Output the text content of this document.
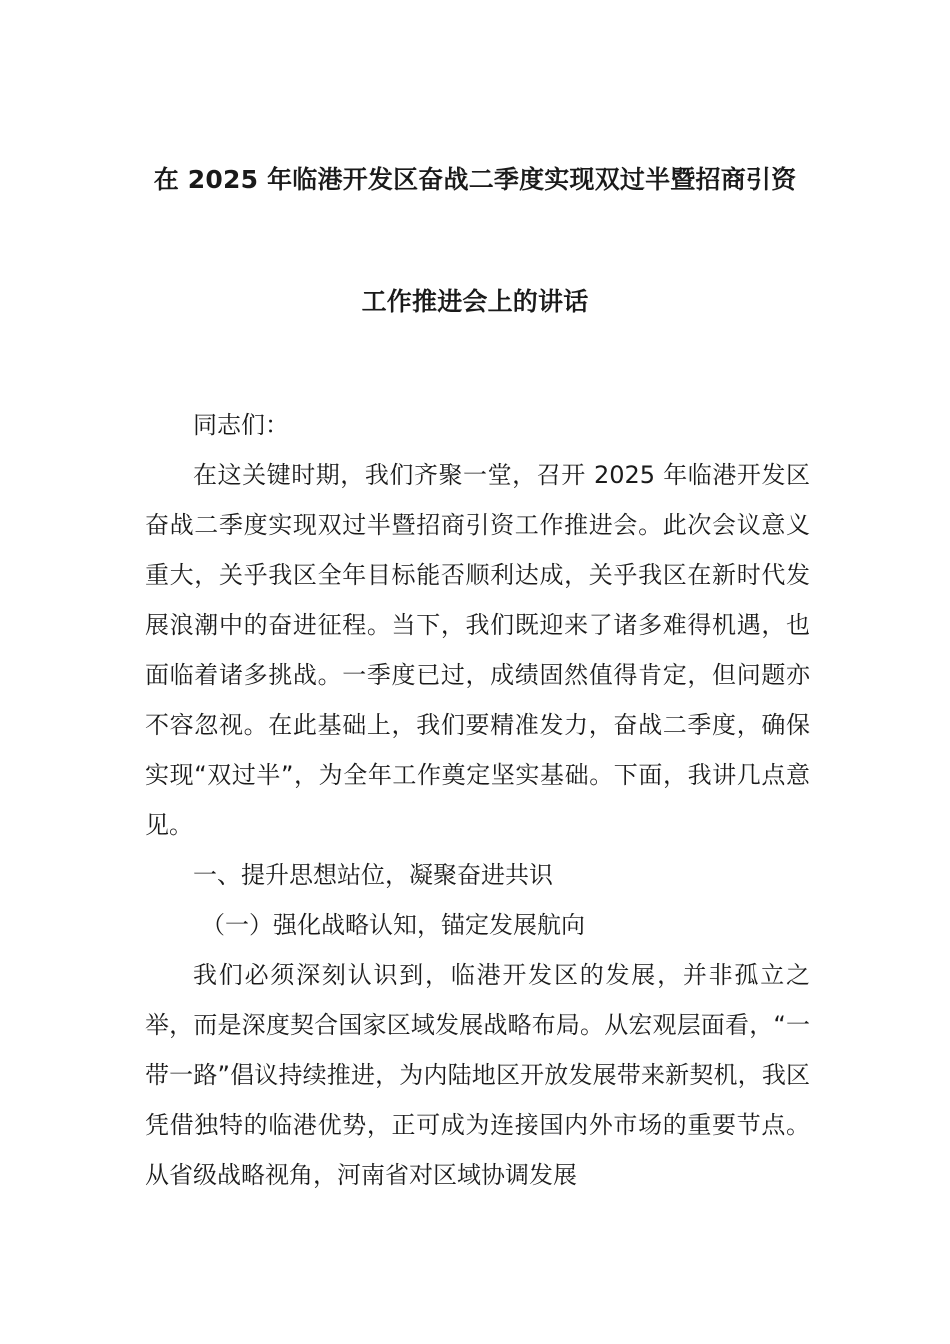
在 2025 年临港开发区奋战二季度实现双过半暨招商引资
工作推进会上的讲话

同志们：

在这关键时期，我们齐聚一堂，召开 2025 年临港开发区奋战二季度实现双过半暨招商引资工作推进会。此次会议意义重大，关乎我区全年目标能否顺利达成，关乎我区在新时代发展浪潮中的奋进征程。当下，我们既迎来了诸多难得机遇，也面临着诸多挑战。一季度已过，成绩固然值得肯定，但问题亦不容忽视。在此基础上，我们要精准发力，奋战二季度，确保实现“双过半”，为全年工作奠定坚实基础。下面，我讲几点意见。

一、提升思想站位，凝聚奋进共识

（一）强化战略认知，锚定发展航向

我们必须深刻认识到，临港开发区的发展，并非孤立之举，而是深度契合国家区域发展战略布局。从宏观层面看，“一带一路”倡议持续推进，为内陆地区开放发展带来新契机，我区凭借独特的临港优势，正可成为连接国内外市场的重要节点。从省级战略视角，河南省对区域协调发展
